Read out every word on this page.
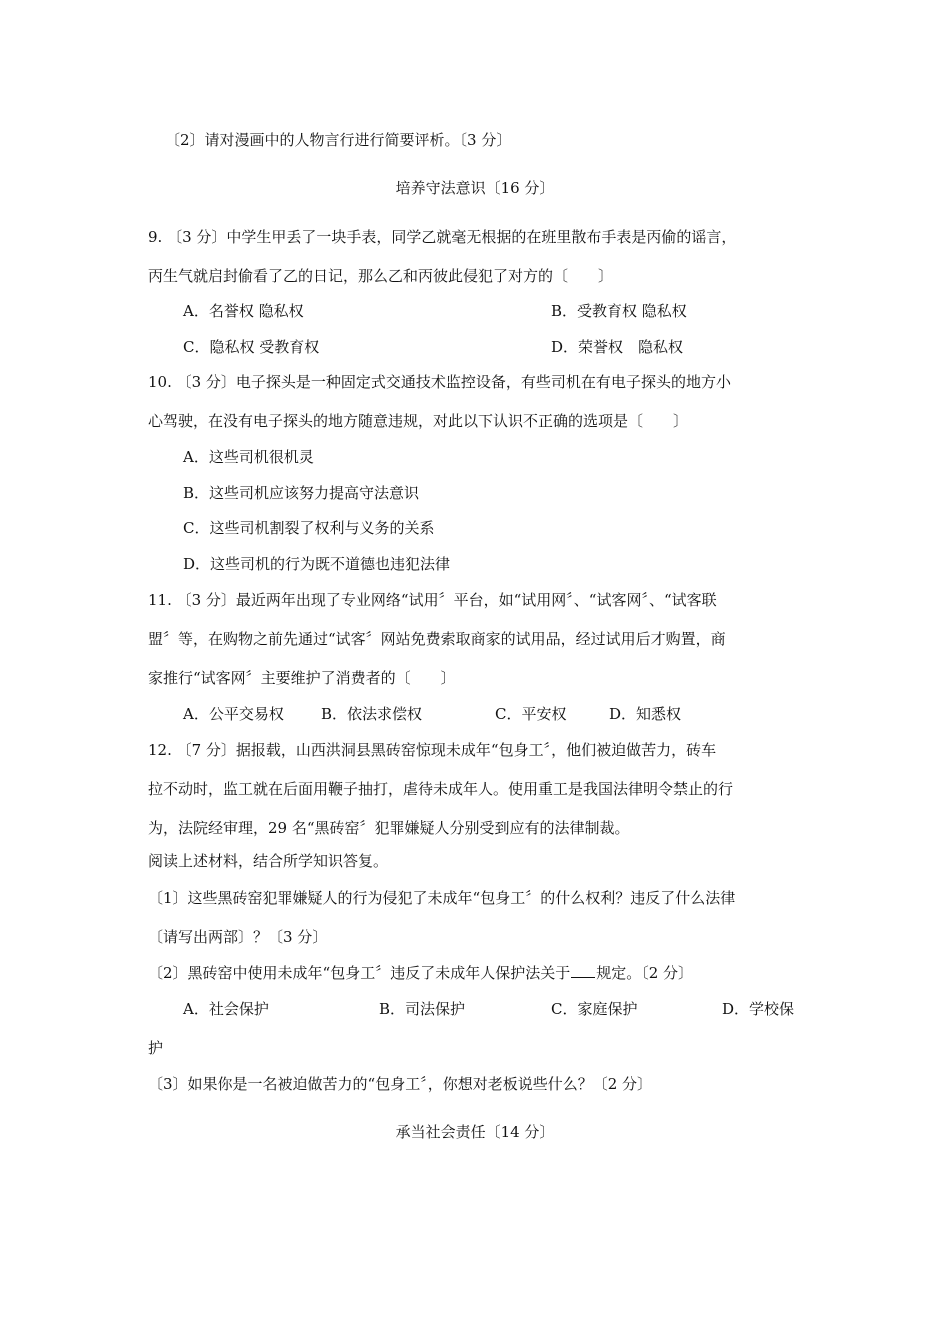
〔2〕请对漫画中的人物言行进行简要评析。〔3 分〕

培养守法意识〔16 分〕

9. 〔3 分〕中学生甲丢了一块手表，同学乙就毫无根据的在班里散布手表是丙偷的谣言，

丙生气就启封偷看了乙的日记，那么乙和丙彼此侵犯了对方的〔　　〕

A．名誉权 隐私权	B．受教育权 隐私权

C．隐私权 受教育权	D．荣誉权　隐私权

10. 〔3 分〕电子探头是一种固定式交通技术监控设备，有些司机在有电子探头的地方小

心驾驶，在没有电子探头的地方随意违规，对此以下认识不正确的选项是〔　　〕

A．这些司机很机灵

B．这些司机应该努力提高守法意识

C．这些司机割裂了权利与义务的关系

D．这些司机的行为既不道德也违犯法律

11. 〔3 分〕最近两年出现了专业网络“试用〞平台，如“试用网〞、“试客网〞、“试客联

盟〞等，在购物之前先通过“试客〞网站免费索取商家的试用品，经过试用后才购置，商

家推行“试客网〞主要维护了消费者的〔　　〕

A．公平交易权 B．依法求偿权	C．平安权	D．知悉权

12. 〔7 分〕据报载，山西洪洞县黑砖窑惊现未成年“包身工〞，他们被迫做苦力，砖车

拉不动时，监工就在后面用鞭子抽打，虐待未成年人。使用重工是我国法律明令禁止的行

为，法院经审理，29 名“黑砖窑〞犯罪嫌疑人分别受到应有的法律制裁。

阅读上述材料，结合所学知识答复。

〔1〕这些黑砖窑犯罪嫌疑人的行为侵犯了未成年“包身工〞的什么权利？违反了什么法律

〔请写出两部〕？〔3 分〕

〔2〕黑砖窑中使用未成年“包身工〞违反了未成年人保护法关于 规定。〔2 分〕

A．社会保护	B．司法保护	C．家庭保护	D．学校保

护

〔3〕如果你是一名被迫做苦力的“包身工〞，你想对老板说些什么？〔2 分〕

承当社会责任〔14 分〕
